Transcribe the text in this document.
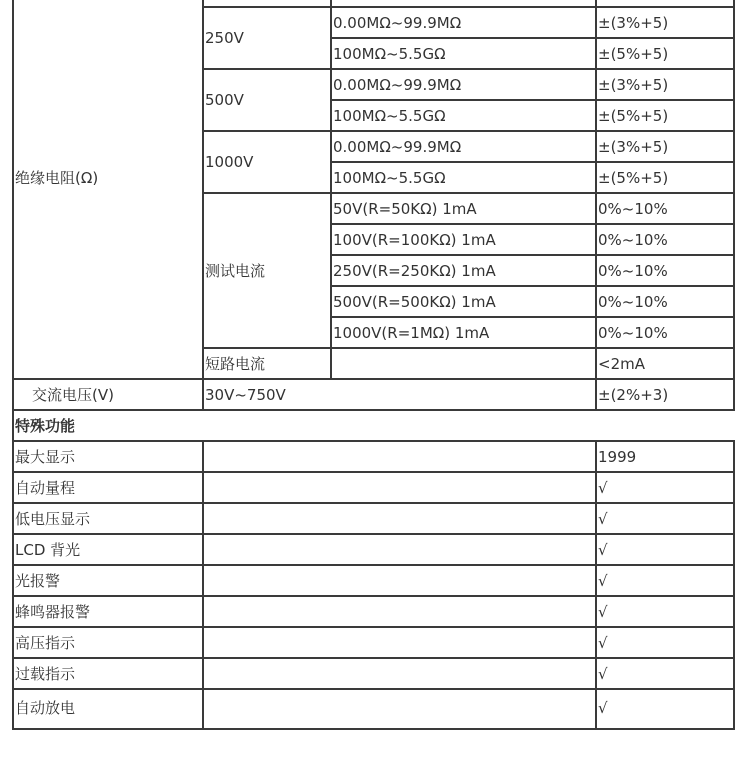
绝缘电阻(Ω)			
	250V	0.00MΩ~99.9MΩ	±(3%+5)
		100MΩ~5.5GΩ	±(5%+5)
	500V	0.00MΩ~99.9MΩ	±(3%+5)
		100MΩ~5.5GΩ	±(5%+5)
	1000V	0.00MΩ~99.9MΩ	±(3%+5)
		100MΩ~5.5GΩ	±(5%+5)
	测试电流	50V(R=50KΩ) 1mA	0%~10%
		100V(R=100KΩ) 1mA	0%~10%
		250V(R=250KΩ) 1mA	0%~10%
		500V(R=500KΩ) 1mA	0%~10%
		1000V(R=1MΩ) 1mA	0%~10%
	短路电流		<2mA
交流电压(V)	30V~750V		±(2%+3)
特殊功能			
最大显示			1999
自动量程			√
低电压显示			√
LCD 背光			√
光报警			√
蜂鸣器报警			√
高压指示			√
过载指示			√
自动放电			√
